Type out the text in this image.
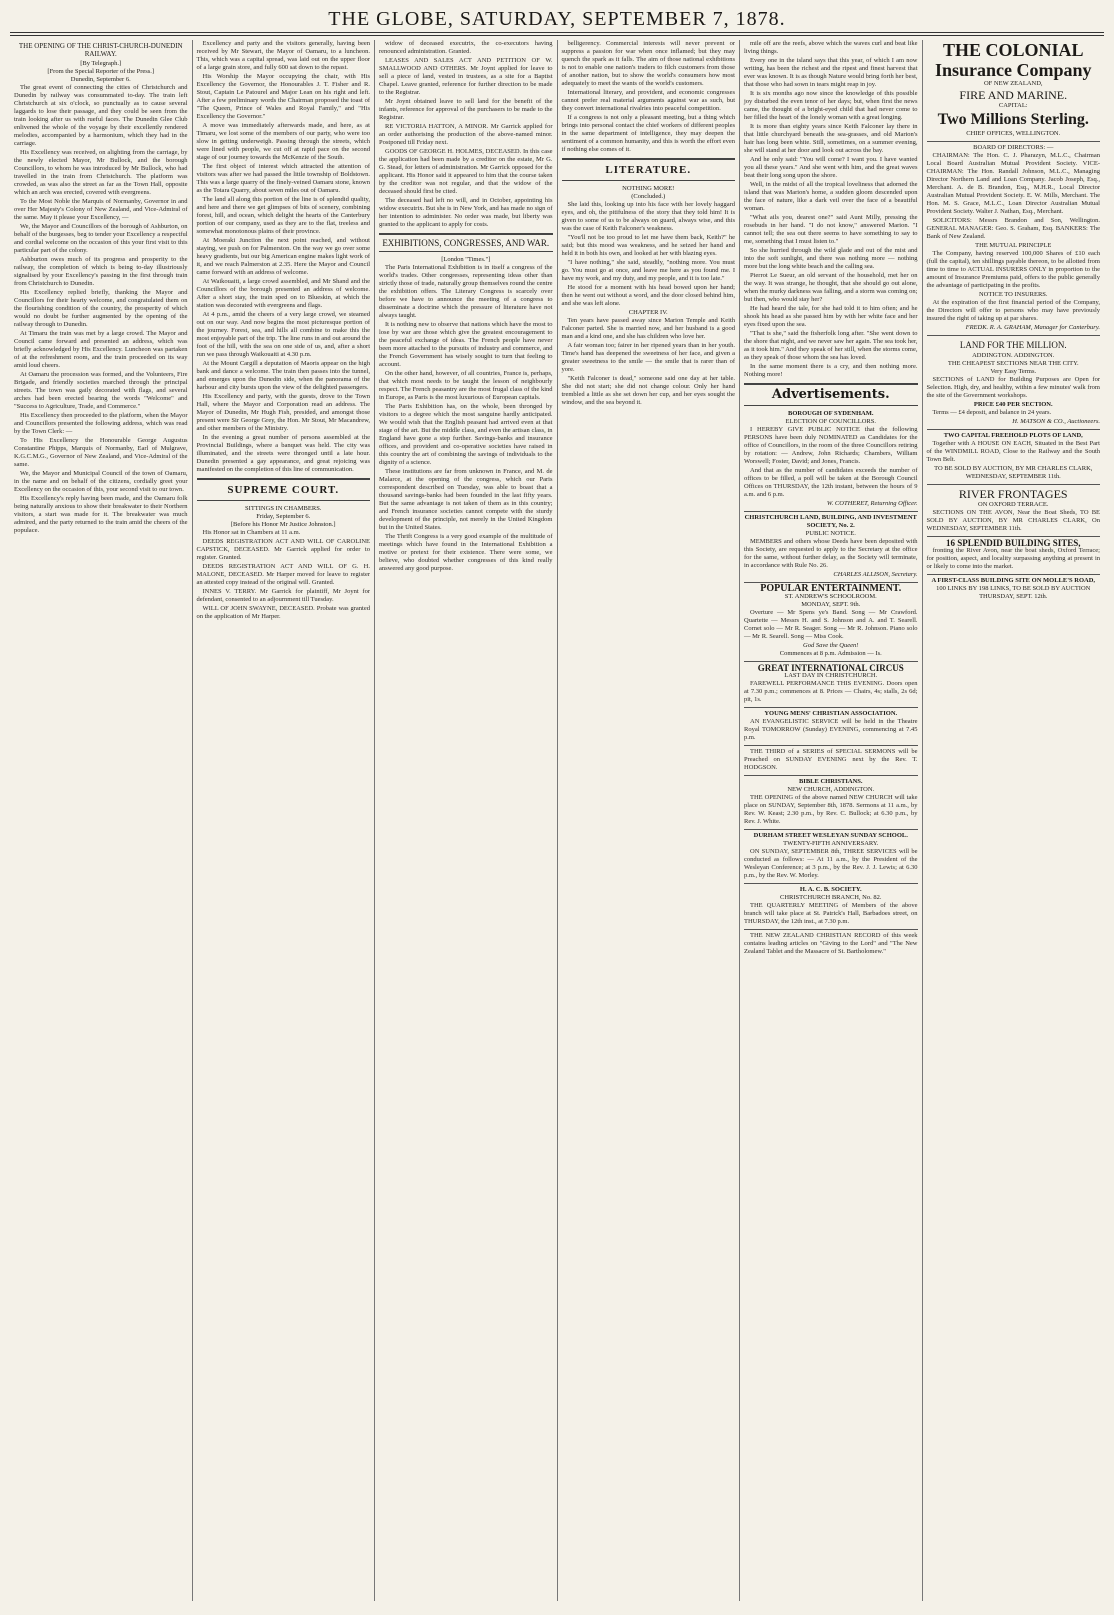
THE GLOBE, SATURDAY, SEPTEMBER 7, 1878.
THE OPENING OF THE CHRIST-CHURCH-DUNEDIN RAILWAY.
[By Telegraph.]
[From the Special Reporter of the Press.]
Dunedin, September 6.

The great event of connecting the cities of Christchurch and Dunedin by railway was consummated to-day. The train left Christchurch at six o'clock, so punctually as to cause several laggards to lose their passage, and they could be seen from the train looking after us with rueful faces. The Dunedin Glee Club enlivened the whole of the voyage by their excellently rendered melodies, accompanied by a harmonium, which they had in the carriage.

His Excellency was received, on alighting from the carriage, by the newly elected Mayor, Mr Bullock, and the borough Councillors, to whom he was introduced by Mr Bullock, who had travelled in the train from Christchurch. The platform was crowded, as was also the street as far as the Town Hall, opposite which an arch was erected, covered with evergreens.

To the Most Noble the Marquis of Normanby, Governor in and over Her Majesty's Colony of New Zealand, and Vice-Admiral of the same. May it please your Excellency, —

We, the Mayor and Councillors of the borough of Ashburton, on behalf of the burgesses, beg to tender your Excellency a respectful and cordial welcome on the occasion of this your first visit to this particular part of the colony.

Ashburton owes much of its progress and prosperity to the railway, the completion of which is being to-day illustriously signalised by your Excellency's passing in the first through train from Christchurch to Dunedin.

His Excellency replied briefly, thanking the Mayor and Councillors for their hearty welcome, and congratulated them on the flourishing condition of the country, the prosperity of which would no doubt be further augmented by the opening of the railway through to Dunedin.

At Timaru the train was met by a large crowd. The Mayor and Council came forward and presented an address, which was briefly acknowledged by His Excellency. Luncheon was partaken of at the refreshment room, and the train proceeded on its way amid loud cheers.

At Oamaru the procession was formed, and the Volunteers, Fire Brigade, and friendly societies marched through the principal streets. The town was gaily decorated with flags, and several arches had been erected bearing the words "Welcome" and "Success to Agriculture, Trade, and Commerce."

His Excellency then proceeded to the platform, when the Mayor and Councillors presented the following address, which was read by the Town Clerk: —

To His Excellency the Honourable George Augustus Constantine Phipps, Marquis of Normanby, Earl of Mulgrave, K.G.C.M.G., Governor of New Zealand, and Vice-Admiral of the same.

We, the Mayor and Municipal Council of the town of Oamaru, in the name and on behalf of the citizens, cordially greet your Excellency on the occasion of this, your second visit to our town.

His Excellency's reply having been made, and the Oamaru folk being naturally anxious to show their breakwater to their Northern visitors, a start was made for it. The breakwater was much admired, and the party returned to the train amid the cheers of the populace.

Excellency and party and the visitors generally, having been received by Mr Stewart, the Mayor of Oamaru, to a luncheon. This, which was a capital spread, was laid out on the upper floor of a large grain store, and fully 600 sat down to the repast.

His Worship the Mayor occupying the chair, with His Excellency the Governor, the Honourables J. T. Fisher and R. Stout, Captain Le Patourel and Major Lean on his right and left. After a few preliminary words the Chairman proposed the toast of "The Queen, Prince of Wales and Royal Family," and "His Excellency the Governor."

A move was immediately afterwards made, and here, as at Timaru, we lost some of the members of our party, who were too slow in getting underweigh. Passing through the streets, which were lined with people, we cut off at rapid pace on the second stage of our journey towards the McKenzie of the South.

The first object of interest which attracted the attention of visitors was after we had passed the little township of Boldstown. This was a large quarry of the finely-veined Oamaru stone, known as the Totara Quarry, about seven miles out of Oamaru.

The land all along this portion of the line is of splendid quality, and here and there we get glimpses of bits of scenery, combining forest, hill, and ocean, which delight the hearts of the Canterbury portion of our company, used as they are to the flat, treeless and somewhat monotonous plains of their province.

At Moeraki Junction the next point reached, and without staying, we push on for Palmerston. On the way we go over some heavy gradients, but our big American engine makes light work of it, and we reach Palmerston at 2.35. Here the Mayor and Council came forward with an address of welcome.

At Waikouaiti, a large crowd assembled, and Mr Shand and the Councillors of the borough presented an address of welcome. After a short stay, the train sped on to Blueskin, at which the station was decorated with evergreens and flags.

At 4 p.m., amid the cheers of a very large crowd, we steamed out on our way. And now begins the most picturesque portion of the journey. Forest, sea, and hills all combine to make this the most enjoyable part of the trip. The line runs in and out around the foot of the hill, with the sea on one side of us, and, after a short run we pass through Waikouaiti at 4.30 p.m.

At the Mount Cargill a deputation of Maoris appear on the high bank and dance a welcome. The train then passes into the tunnel, and emerges upon the Dunedin side, when the panorama of the harbour and city bursts upon the view of the delighted passengers.

His Excellency and party, with the guests, drove to the Town Hall, where the Mayor and Corporation read an address. The Mayor of Dunedin, Mr Hugh Fish, presided, and amongst those present were Sir George Grey, the Hon. Mr Stout, Mr Macandrew, and other members of the Ministry.

In the evening a great number of persons assembled at the Provincial Buildings, where a banquet was held. The city was illuminated, and the streets were thronged until a late hour. Dunedin presented a gay appearance, and great rejoicing was manifested on the completion of this line of communication.

SUPREME COURT.
SITTINGS IN CHAMBERS.
Friday, September 6.
[Before his Honor Mr Justice Johnston.]

His Honor sat in Chambers at 11 a.m.

DEEDS REGISTRATION ACT AND WILL OF CAROLINE CAPSTICK, DECEASED. Mr Garrick applied for order to register. Granted.

DEEDS REGISTRATION ACT AND WILL OF G. H. MALONE, DECEASED. Mr Harper moved for leave to register an attested copy instead of the original will. Granted.

INNES V. TERRY. Mr Garrick for plaintiff, Mr Joynt for defendant, consented to an adjournment till Tuesday.

WILL OF JOHN SWAYNE, DECEASED. Probate was granted on the application of Mr Harper.

widow of deceased executrix, the co-executors having renounced administration. Granted.

LEASES AND SALES ACT AND PETITION OF W. SMALLWOOD AND OTHERS. Mr Joynt applied for leave to sell a piece of land, vested in trustees, as a site for a Baptist Chapel. Leave granted, reference for further direction to be made to the Registrar.

Mr Joynt obtained leave to sell land for the benefit of the infants, reference for approval of the purchasers to be made to the Registrar.

RE VICTORIA HATTON, A MINOR. Mr Garrick applied for an order authorising the production of the above-named minor. Postponed till Friday next.

GOODS OF GEORGE H. HOLMES, DECEASED. In this case the application had been made by a creditor on the estate, Mr G. G. Stead, for letters of administration. Mr Garrick opposed for the applicant. His Honor said it appeared to him that the course taken by the creditor was not regular, and that the widow of the deceased should first be cited.

The deceased had left no will, and in October, appointing his widow executrix. But she is in New York, and has made no sign of her intention to administer. No order was made, but liberty was granted to the applicant to apply for costs.

EXHIBITIONS, CONGRESSES, AND WAR.
[London "Times."]

The Paris International Exhibition is in itself a congress of the world's trades. Other congresses, representing ideas other than strictly those of trade, naturally group themselves round the centre the exhibition offers. The Literary Congress is scarcely over before we have to announce the meeting of a congress to disseminate a doctrine which the pressure of literature have not always taught.

It is nothing new to observe that nations which have the most to lose by war are those which give the greatest encouragement to the peaceful exchange of ideas. The French people have never been more attached to the pursuits of industry and commerce, and the French Government has wisely sought to turn that feeling to account.

On the other hand, however, of all countries, France is, perhaps, that which most needs to be taught the lesson of neighbourly respect. The French peasantry are the most frugal class of the kind in Europe, as Paris is the most luxurious of European capitals.

The Paris Exhibition has, on the whole, been thronged by visitors to a degree which the most sanguine hardly anticipated. We would wish that the English peasant had arrived even at that stage of the art. But the middle class, and even the artisan class, in England have gone a step further. Savings-banks and insurance offices, and provident and co-operative societies have raised in this country the art of combining the savings of individuals to the dignity of a science.

These institutions are far from unknown in France, and M. de Malarce, at the opening of the congress, which our Paris correspondent described on Tuesday, was able to boast that a thousand savings-banks had been founded in the last fifty years. But the same advantage is not taken of them as in this country; and French insurance societies cannot compete with the sturdy development of the principle, not merely in the United Kingdom but in the United States.

The Thrift Congress is a very good example of the multitude of meetings which have found in the International Exhibition a motive or pretext for their existence. There were some, we believe, who doubted whether congresses of this kind really answered any good purpose.

belligerency. Commercial interests will never prevent or suppress a passion for war when once inflamed; but they may quench the spark as it falls. The aim of those national exhibitions is not to enable one nation's traders to filch customers from those of another nation, but to show the world's consumers how most adequately to meet the wants of the world's customers.

International literary, and provident, and economic congresses cannot prefer real material arguments against war as such, but they convert international rivalries into peaceful competition.

If a congress is not only a pleasant meeting, but a thing which brings into personal contact the chief workers of different peoples in the same department of intelligence, they may deepen the sentiment of a common humanity, and this is worth the effort even if nothing else comes of it.

LITERATURE.
NOTHING MORE!
(Concluded.)

She laid this, looking up into his face with her lovely haggard eyes, and oh, the pitifulness of the story that they told him! It is given to some of us to be always on guard, always wise, and this was the case of Keith Falconer's weakness.

"You'll not be too proud to let me have them back, Keith?" he said; but this mood was weakness, and he seized her hand and held it in both his own, and looked at her with blazing eyes.

"I have nothing," she said, steadily, "nothing more. You must go. You must go at once, and leave me here as you found me. I have my work, and my duty, and my people, and it is too late."

He stood for a moment with his head bowed upon her hand; then he went out without a word, and the door closed behind him, and she was left alone.

CHAPTER IV.

Ten years have passed away since Marion Temple and Keith Falconer parted. She is married now, and her husband is a good man and a kind one, and she has children who love her.

A fair woman too; fairer in her ripened years than in her youth. Time's hand has deepened the sweetness of her face, and given a greater sweetness to the smile — the smile that is rarer than of yore.

"Keith Falconer is dead," someone said one day at her table. She did not start; she did not change colour. Only her hand trembled a little as she set down her cup, and her eyes sought the window, and the sea beyond it.

mile off are the reefs, above which the waves curl and beat like living things.

Every one in the island says that this year, of which I am now writing, has been the richest and the ripest and finest harvest that ever was known. It is as though Nature would bring forth her best, that those who had sown in tears might reap in joy.

It is six months ago now since the knowledge of this possible joy disturbed the even tenor of her days; but, when first the news came, the thought of a bright-eyed child that had never come to her filled the heart of the lonely woman with a great longing.

It is more than eighty years since Keith Falconer lay there in that little churchyard beneath the sea-grasses, and old Marion's hair has long been white. Still, sometimes, on a summer evening, she will stand at her door and look out across the bay.

And he only said: "You will come? I want you. I have wanted you all these years." And she went with him, and the great waves beat their long song upon the shore.

Well, in the midst of all the tropical loveliness that adorned the island that was Marion's home, a sudden gloom descended upon the face of nature, like a dark veil over the face of a beautiful woman.

"What ails you, dearest one?" said Aunt Milly, pressing the rosebuds in her hand. "I do not know," answered Marion. "I cannot tell; the sea out there seems to have something to say to me, something that I must listen to."

So she hurried through the wild glade and out of the mist and into the soft sunlight, and there was nothing more — nothing more but the long white beach and the calling sea.

Pierrot Le Sueur, an old servant of the household, met her on the way. It was strange, he thought, that she should go out alone, when the murky darkness was falling, and a storm was coming on; but then, who would stay her?

He had heard the tale, for she had told it to him often; and he shook his head as she passed him by with her white face and her eyes fixed upon the sea.

"That is she," said the fisherfolk long after. "She went down to the shore that night, and we never saw her again. The sea took her, as it took him." And they speak of her still, when the storms come, as they speak of those whom the sea has loved.

In the same moment there is a cry, and then nothing more. Nothing more!

Advertisements.
BOROUGH OF SYDENHAM.
ELECTION OF COUNCILLORS.

I HEREBY GIVE PUBLIC NOTICE that the following PERSONS have been duly NOMINATED as Candidates for the office of Councillors, in the room of the three Councillors retiring by rotation: — Andrew, John Richards; Chambers, William Worswell; Foster, David; and Jones, Francis.

And that as the number of candidates exceeds the number of offices to be filled, a poll will be taken at the Borough Council Offices on THURSDAY, the 12th instant, between the hours of 9 a.m. and 6 p.m.

W. COTHERET, Returning Officer.
CHRISTCHURCH LAND, BUILDING, AND INVESTMENT SOCIETY, No. 2.
PUBLIC NOTICE.

MEMBERS and others whose Deeds have been deposited with this Society, are requested to apply to the Secretary at the office for the same, without further delay, as the Society will terminate, in accordance with Rule No. 26.

CHARLES ALLISON, Secretary.
POPULAR ENTERTAINMENT.
ST. ANDREW'S SCHOOLROOM.
MONDAY, SEPT. 9th.

Overture — Mr Spens ye's Band. Song — Mr Crawford. Quartette — Messrs H. and S. Johnson and A. and T. Searell. Cornet solo — Mr R. Seager. Song — Mr R. Johnson. Piano solo — Mr R. Searell. Song — Miss Cook.

God Save the Queen!
Commences at 8 p.m. Admission — Is.
GREAT INTERNATIONAL CIRCUS
LAST DAY IN CHRISTCHURCH.

FAREWELL PERFORMANCE THIS EVENING. Doors open at 7.30 p.m.; commences at 8. Prices — Chairs, 4s; stalls, 2s 6d; pit, 1s.

YOUNG MENS' CHRISTIAN ASSOCIATION.

AN EVANGELISTIC SERVICE will be held in the Theatre Royal TOMORROW (Sunday) EVENING, commencing at 7.45 p.m.

THE THIRD of a SERIES of SPECIAL SERMONS will be Preached on SUNDAY EVENING next by the Rev. T. HODGSON.

BIBLE CHRISTIANS.
NEW CHURCH, ADDINGTON.

THE OPENING of the above named NEW CHURCH will take place on SUNDAY, September 8th, 1878. Sermons at 11 a.m., by Rev. W. Keast; 2.30 p.m., by Rev. C. Bullock; at 6.30 p.m., by Rev. J. White.

DURHAM STREET WESLEYAN SUNDAY SCHOOL.
TWENTY-FIFTH ANNIVERSARY.

ON SUNDAY, SEPTEMBER 8th, THREE SERVICES will be conducted as follows: — At 11 a.m., by the President of the Wesleyan Conference; at 3 p.m., by the Rev. J. J. Lewis; at 6.30 p.m., by the Rev. W. Morley.

H. A. C. B. SOCIETY.
CHRISTCHURCH BRANCH, No. 82.

THE QUARTERLY MEETING of Members of the above branch will take place at St. Patrick's Hall, Barbadoes street, on THURSDAY, the 12th inst., at 7.30 p.m.

THE NEW ZEALAND CHRISTIAN RECORD of this week contains leading articles on "Giving to the Lord" and "The New Zealand Tablet and the Massacre of St. Bartholomew."

THE COLONIAL
Insurance Company
OF NEW ZEALAND,
FIRE AND MARINE.
CAPITAL:
Two Millions Sterling.
CHIEF OFFICES, WELLINGTON.
BOARD OF DIRECTORS: —

CHAIRMAN: The Hon. C. J. Pharazyn, M.L.C., Chairman Local Board Australian Mutual Provident Society. VICE-CHAIRMAN: The Hon. Randall Johnson, M.L.C., Managing Director Northern Land and Loan Company. Jacob Joseph, Esq., Merchant. A. de B. Brandon, Esq., M.H.R., Local Director Australian Mutual Provident Society. E. W. Mills, Merchant. The Hon. M. S. Grace, M.L.C., Loan Director Australian Mutual Provident Society. Walter J. Nathan, Esq., Merchant.

SOLICITORS: Messrs Brandon and Son, Wellington. GENERAL MANAGER: Geo. S. Graham, Esq. BANKERS: The Bank of New Zealand.

THE MUTUAL PRINCIPLE

The Company, having reserved 100,000 Shares of £10 each (full the capital), ten shillings payable thereon, to be allotted from time to time to ACTUAL INSURERS ONLY in proportion to the amount of Insurance Premiums paid, offers to the public generally the advantage of participating in the profits.

NOTICE TO INSURERS.

At the expiration of the first financial period of the Company, the Directors will offer to persons who may have previously insured the right of taking up at par shares.

FREDK. R. A. GRAHAM, Manager for Canterbury.
LAND FOR THE MILLION.
ADDINGTON. ADDINGTON.
THE CHEAPEST SECTIONS NEAR THE CITY.
Very Easy Terms.

SECTIONS of LAND for Building Purposes are Open for Selection. High, dry, and healthy, within a few minutes' walk from the site of the Government workshops.

PRICE £40 PER SECTION.

Terms — £4 deposit, and balance in 24 years.

H. MATSON & CO., Auctioneers.
TWO CAPITAL FREEHOLD PLOTS OF LAND,

Together with A HOUSE ON EACH, Situated in the Best Part of the WINDMILL ROAD, Close to the Railway and the South Town Belt.

TO BE SOLD BY AUCTION, BY MR CHARLES CLARK,
WEDNESDAY, SEPTEMBER 11th.
RIVER FRONTAGES
ON OXFORD TERRACE.

SECTIONS ON THE AVON, Near the Boat Sheds, TO BE SOLD BY AUCTION, BY MR CHARLES CLARK, On WEDNESDAY, SEPTEMBER 11th.

16 SPLENDID BUILDING SITES,

fronting the River Avon, near the boat sheds, Oxford Terrace; for position, aspect, and locality surpassing anything at present in or likely to come into the market.

A FIRST-CLASS BUILDING SITE ON MOLLE'S ROAD,
100 LINKS BY 198 LINKS, TO BE SOLD BY AUCTION
THURSDAY, SEPT. 12th.
